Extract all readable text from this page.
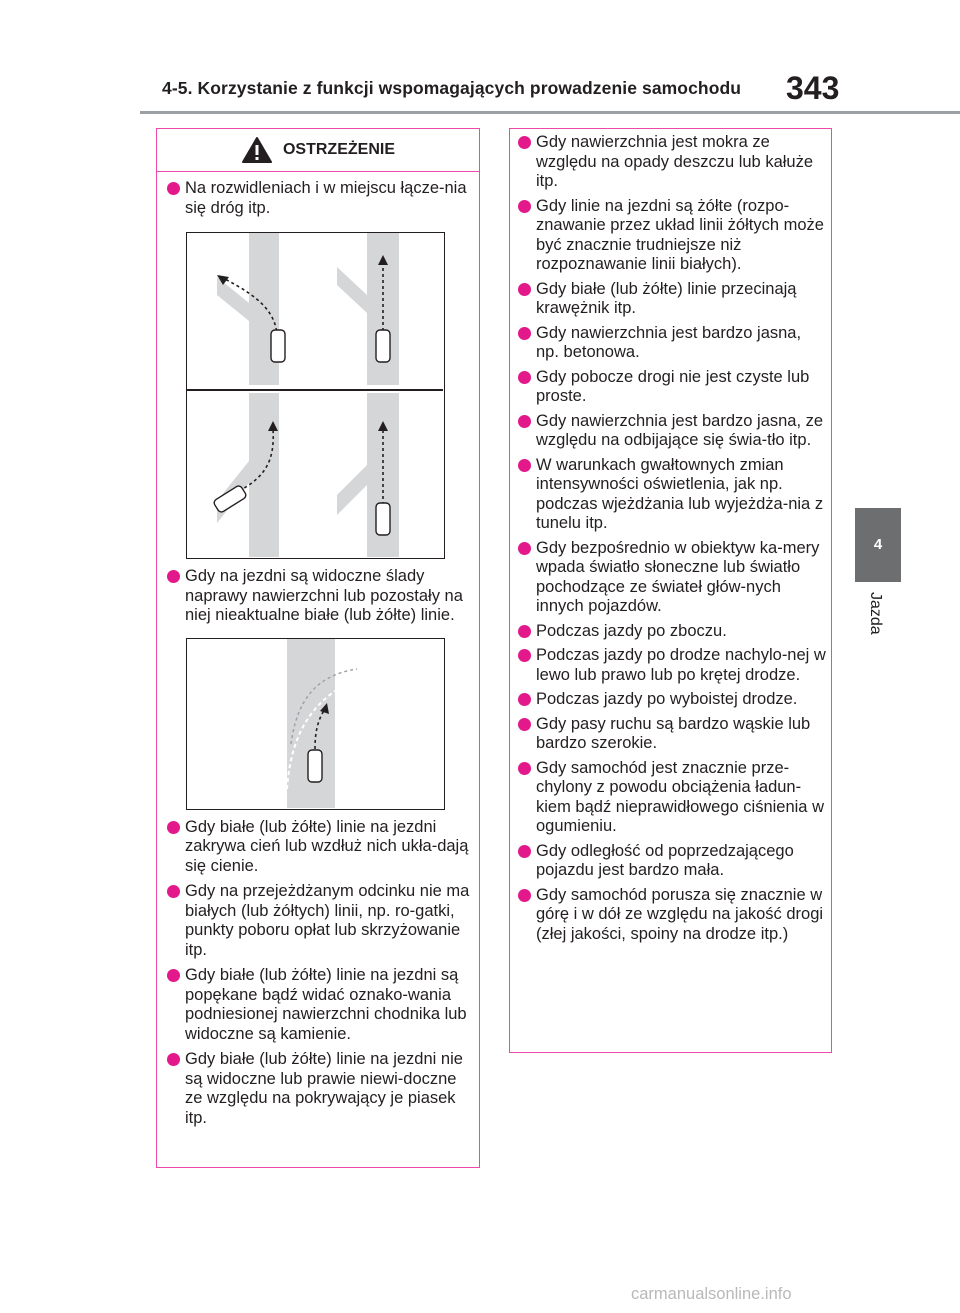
4-5. Korzystanie z funkcji wspomagających prowadzenie samochodu 343
4
Jazda
OSTRZEŻENIE
Na rozwidleniach i w miejscu łącze-nia się dróg itp.
Gdy na jezdni są widoczne ślady naprawy nawierzchni lub pozostały na niej nieaktualne białe (lub żółte) linie.
Gdy białe (lub żółte) linie na jezdni zakrywa cień lub wzdłuż nich ukła-dają się cienie.
Gdy na przejeżdżanym odcinku nie ma białych (lub żółtych) linii, np. ro-gatki, punkty poboru opłat lub skrzyżowanie itp.
Gdy białe (lub żółte) linie na jezdni są popękane bądź widać oznako-wania podniesionej nawierzchni chodnika lub widoczne są kamienie.
Gdy białe (lub żółte) linie na jezdni nie są widoczne lub prawie niewi-doczne ze względu na pokrywający je piasek itp.
Gdy nawierzchnia jest mokra ze względu na opady deszczu lub kałuże itp.
Gdy linie na jezdni są żółte (rozpo-znawanie przez układ linii żółtych może być znacznie trudniejsze niż rozpoznawanie linii białych).
Gdy białe (lub żółte) linie przecinają krawężnik itp.
Gdy nawierzchnia jest bardzo jasna, np. betonowa.
Gdy pobocze drogi nie jest czyste lub proste.
Gdy nawierzchnia jest bardzo jasna, ze względu na odbijające się świa-tło itp.
W warunkach gwałtownych zmian intensywności oświetlenia, jak np. podczas wjeżdżania lub wyjeżdża-nia z tunelu itp.
Gdy bezpośrednio w obiektyw ka-mery wpada światło słoneczne lub światło pochodzące ze świateł głów-nych innych pojazdów.
Podczas jazdy po zboczu.
Podczas jazdy po drodze nachylo-nej w lewo lub prawo lub po krętej drodze.
Podczas jazdy po wyboistej drodze.
Gdy pasy ruchu są bardzo wąskie lub bardzo szerokie.
Gdy samochód jest znacznie prze-chylony z powodu obciążenia ładun-kiem bądź nieprawidłowego ciśnienia w ogumieniu.
Gdy odległość od poprzedzającego pojazdu jest bardzo mała.
Gdy samochód porusza się znacznie w górę i w dół ze względu na jakość drogi (złej jakości, spoiny na drodze itp.)
carmanualsonline.info
